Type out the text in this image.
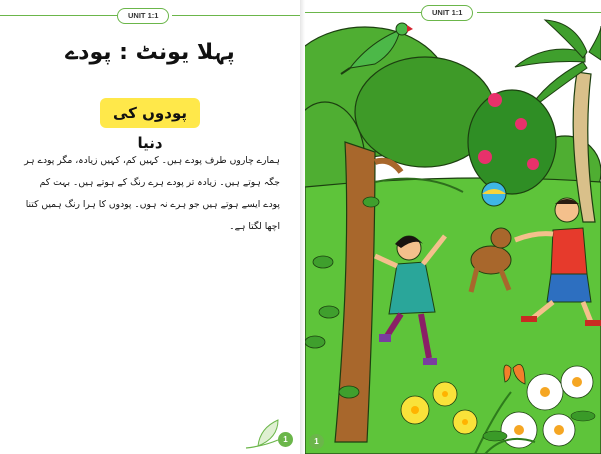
UNIT 1:1
پہلا یونٹ : پودے
پودوں کی دنیا
ہمارے چاروں طرف پودے ہیں۔ کہیں کم، کہیں زیادہ، مگر پودے ہر جگہ ہوتے ہیں۔ زیادہ تر پودے ہرے رنگ کے ہوتے ہیں۔ بہت کم پودے ایسے ہوتے ہیں جو ہرے نہ ہوں۔ پودوں کا ہرا رنگ ہمیں کتنا اچھا لگتا ہے۔
1
UNIT 1:1
1
